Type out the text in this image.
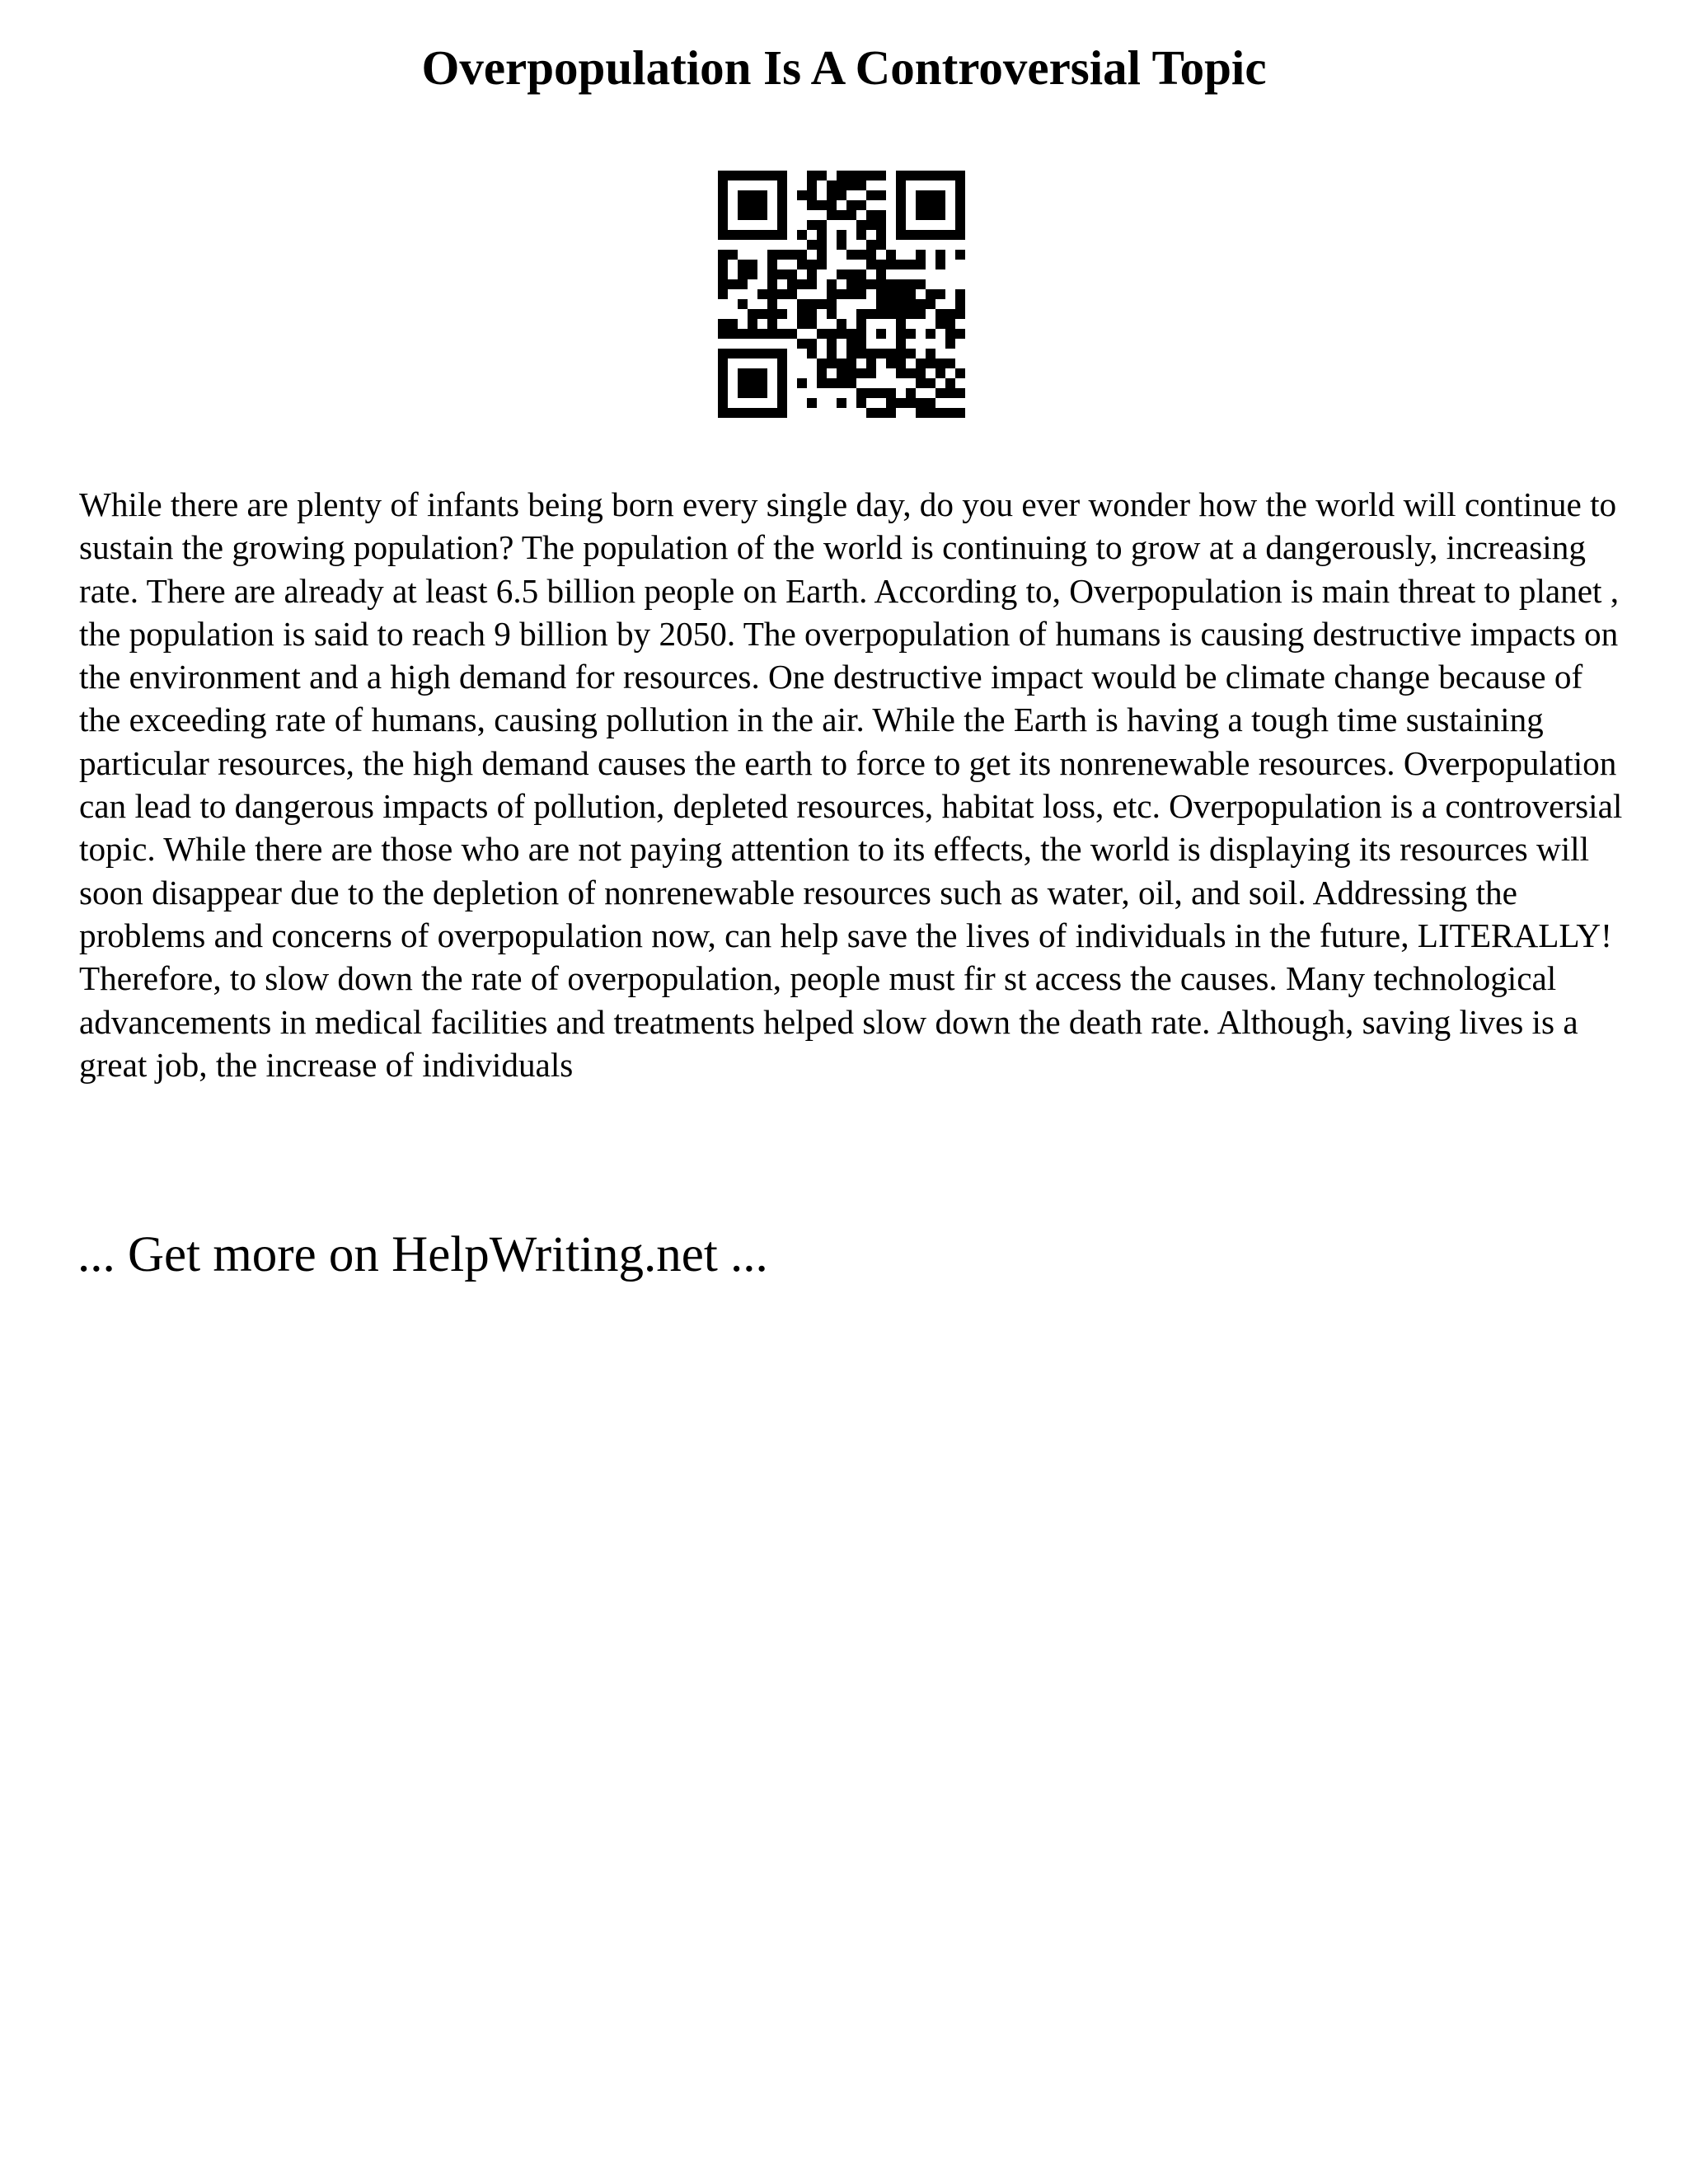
Overpopulation Is A Controversial Topic

While there are plenty of infants being born every single day, do you ever wonder how the world will continue to sustain the growing population? The population of the world is continuing to grow at a dangerously, increasing rate. There are already at least 6.5 billion people on Earth. According to, Overpopulation is main threat to planet , the population is said to reach 9 billion by 2050. The overpopulation of humans is causing destructive impacts on the environment and a high demand for resources. One destructive impact would be climate change because of the exceeding rate of humans, causing pollution in the air. While the Earth is having a tough time sustaining particular resources, the high demand causes the earth to force to get its nonrenewable resources. Overpopulation can lead to dangerous impacts of pollution, depleted resources, habitat loss, etc. Overpopulation is a controversial topic. While there are those who are not paying attention to its effects, the world is displaying its resources will soon disappear due to the depletion of nonrenewable resources such as water, oil, and soil. Addressing the problems and concerns of overpopulation now, can help save the lives of individuals in the future, LITERALLY!

Therefore, to slow down the rate of overpopulation, people must fir st access the causes. Many technological advancements in medical facilities and treatments helped slow down the death rate. Although, saving lives is a great job, the increase of individuals

... Get more on HelpWriting.net ...
